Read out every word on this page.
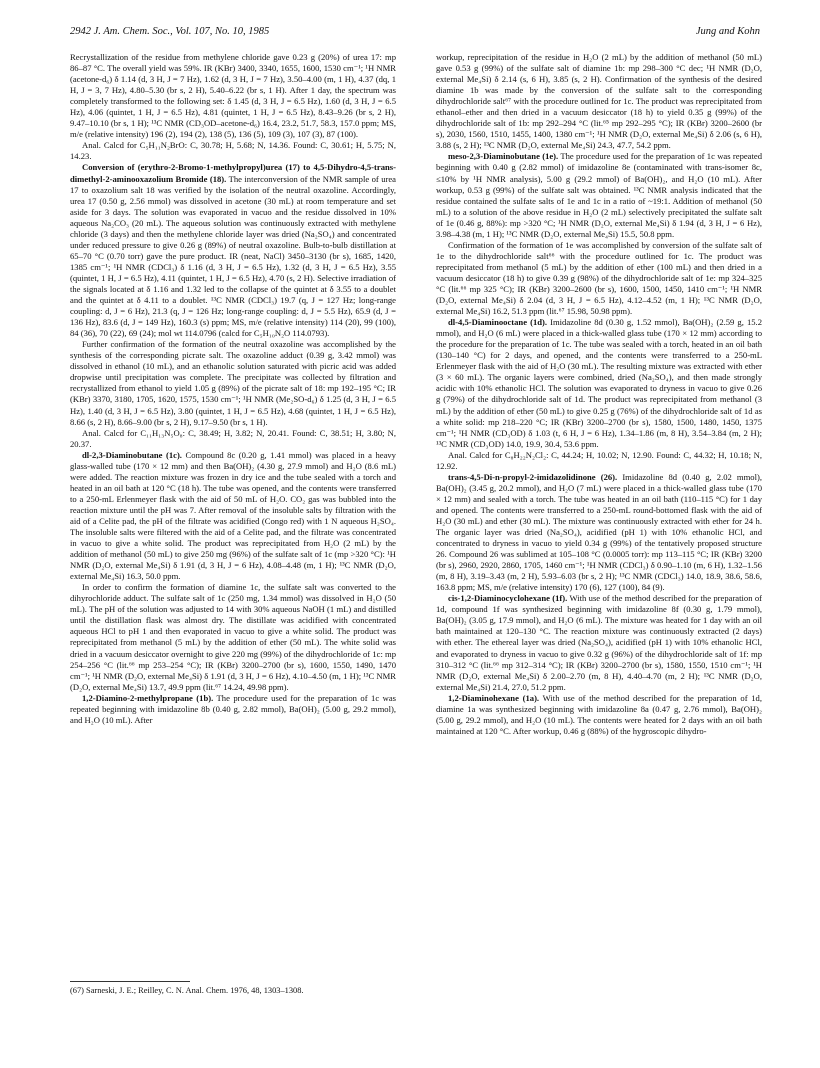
2942 J. Am. Chem. Soc., Vol. 107, No. 10, 1985	Jung and Kohn

Recrystallization of the residue from methylene chloride gave 0.23 g (20%) of urea 17: mp 86–87 °C. The overall yield was 59%. IR (KBr) 3400, 3340, 1655, 1600, 1530 cm⁻¹; ¹H NMR (acetone-d₆) δ 1.14 (d, 3 H, J = 7 Hz), 1.62 (d, 3 H, J = 7 Hz), 3.50–4.00 (m, 1 H), 4.37 (dq, 1 H, J = 3, 7 Hz), 4.80–5.30 (br s, 2 H), 5.40–6.22 (br s, 1 H). After 1 day, the spectrum was completely transformed to the following set: δ 1.45 (d, 3 H, J = 6.5 Hz), 1.60 (d, 3 H, J = 6.5 Hz), 4.06 (quintet, 1 H, J = 6.5 Hz), 4.81 (quintet, 1 H, J = 6.5 Hz), 8.43–9.26 (br s, 2 H), 9.47–10.10 (br s, 1 H); ¹³C NMR (CD₃OD–acetone-d₆) 16.4, 23.2, 51.7, 58.3, 157.0 ppm; MS, m/e (relative intensity) 196 (2), 194 (2), 138 (5), 136 (5), 109 (3), 107 (3), 87 (100).

Anal. Calcd for C₅H₁₁N₂BrO: C, 30.78; H, 5.68; N, 14.36. Found: C, 30.61; H, 5.75; N, 14.23.

Conversion of (erythro-2-Bromo-1-methylpropyl)urea (17) to 4,5-Dihydro-4,5-trans-dimethyl-2-aminooxazolium Bromide (18). The interconversion of the NMR sample of urea 17 to oxazolium salt 18 was verified by the isolation of the neutral oxazoline. Accordingly, urea 17 (0.50 g, 2.56 mmol) was dissolved in acetone (30 mL) at room temperature and set aside for 3 days. The solution was evaporated in vacuo and the residue dissolved in 10% aqueous Na₂CO₃ (20 mL). The aqueous solution was continuously extracted with methylene chloride (3 days) and then the methylene chloride layer was dried (Na₂SO₄) and concentrated under reduced pressure to give 0.26 g (89%) of neutral oxazoline. Bulb-to-bulb distillation at 65–70 °C (0.70 torr) gave the pure product. IR (neat, NaCl) 3450–3130 (br s), 1685, 1420, 1385 cm⁻¹; ¹H NMR (CDCl₃) δ 1.16 (d, 3 H, J = 6.5 Hz), 1.32 (d, 3 H, J = 6.5 Hz), 3.55 (quintet, 1 H, J = 6.5 Hz), 4.11 (quintet, 1 H, J = 6.5 Hz), 4.70 (s, 2 H). Selective irradiation of the signals located at δ 1.16 and 1.32 led to the collapse of the quintet at δ 3.55 to a doublet and the quintet at δ 4.11 to a doublet. ¹³C NMR (CDCl₃) 19.7 (q, J = 127 Hz; long-range coupling: d, J = 6 Hz), 21.3 (q, J = 126 Hz; long-range coupling: d, J = 5.5 Hz), 65.9 (d, J = 136 Hz), 83.6 (d, J = 149 Hz), 160.3 (s) ppm; MS, m/e (relative intensity) 114 (20), 99 (100), 84 (36), 70 (22), 69 (24); mol wt 114.0796 (calcd for C₅H₁₀N₂O 114.0793).

Further confirmation of the formation of the neutral oxazoline was accomplished by the synthesis of the corresponding picrate salt. The oxazoline adduct (0.39 g, 3.42 mmol) was dissolved in ethanol (10 mL), and an ethanolic solution saturated with picric acid was added dropwise until precipitation was complete. The precipitate was collected by filtration and recrystallized from ethanol to yield 1.05 g (89%) of the picrate salt of 18: mp 192–195 °C; IR (KBr) 3370, 3180, 1705, 1620, 1575, 1530 cm⁻¹; ¹H NMR (Me₂SO-d₆) δ 1.25 (d, 3 H, J = 6.5 Hz), 1.40 (d, 3 H, J = 6.5 Hz), 3.80 (quintet, 1 H, J = 6.5 Hz), 4.68 (quintet, 1 H, J = 6.5 Hz), 8.66 (s, 2 H), 8.66–9.00 (br s, 2 H), 9.17–9.50 (br s, 1 H).

Anal. Calcd for C₁₁H₁₃N₅O₈: C, 38.49; H, 3.82; N, 20.41. Found: C, 38.51; H, 3.80; N, 20.37.

dl-2,3-Diaminobutane (1c). Compound 8c (0.20 g, 1.41 mmol) was placed in a heavy glass-walled tube (170 × 12 mm) and then Ba(OH)₂ (4.30 g, 27.9 mmol) and H₂O (8.6 mL) were added. The reaction mixture was frozen in dry ice and the tube sealed with a torch and heated in an oil bath at 120 °C (18 h). The tube was opened, and the contents were transferred to a 250-mL Erlenmeyer flask with the aid of 50 mL of H₂O. CO₂ gas was bubbled into the reaction mixture until the pH was 7. After removal of the insoluble salts by filtration with the aid of a Celite pad, the pH of the filtrate was acidified (Congo red) with 1 N aqueous H₂SO₄. The insoluble salts were filtered with the aid of a Celite pad, and the filtrate was concentrated in vacuo to give a white solid. The product was reprecipitated from H₂O (2 mL) by the addition of methanol (50 mL) to give 250 mg (96%) of the sulfate salt of 1c (mp >320 °C): ¹H NMR (D₂O, external Me₄Si) δ 1.91 (d, 3 H, J = 6 Hz), 4.08–4.48 (m, 1 H); ¹³C NMR (D₂O, external Me₄Si) 16.3, 50.0 ppm.

In order to confirm the formation of diamine 1c, the sulfate salt was converted to the dihyrochloride adduct. The sulfate salt of 1c (250 mg, 1.34 mmol) was dissolved in H₂O (50 mL). The pH of the solution was adjusted to 14 with 30% aqueous NaOH (1 mL) and distilled until the distillation flask was almost dry. The distillate was acidified with concentrated aqueous HCl to pH 1 and then evaporated in vacuo to give a white solid. The product was reprecipitated from methanol (5 mL) by the addition of ether (50 mL). The white solid was dried in a vacuum desiccator overnight to give 220 mg (99%) of the dihydrochloride of 1c: mp 254–256 °C (lit.⁶⁶ mp 253–254 °C); IR (KBr) 3200–2700 (br s), 1600, 1550, 1490, 1470 cm⁻¹; ¹H NMR (D₂O, external Me₄Si) δ 1.91 (d, 3 H, J = 6 Hz), 4.10–4.50 (m, 1 H); ¹³C NMR (D₂O, external Me₄Si) 13.7, 49.9 ppm (lit.⁶⁷ 14.24, 49.98 ppm).

1,2-Diamino-2-methylpropane (1b). The procedure used for the preparation of 1c was repeated beginning with imidazoline 8b (0.40 g, 2.82 mmol), Ba(OH)₂ (5.00 g, 29.2 mmol), and H₂O (10 mL). After

workup, reprecipitation of the residue in H₂O (2 mL) by the addition of methanol (50 mL) gave 0.53 g (99%) of the sulfate salt of diamine 1b: mp 298–300 °C dec; ¹H NMR (D₂O, external Me₄Si) δ 2.14 (s, 6 H), 3.85 (s, 2 H). Confirmation of the synthesis of the desired diamine 1b was made by the conversion of the sulfate salt to the corresponding dihydrochloride salt⁶⁷ with the procedure outlined for 1c. The product was reprecipitated from ethanol–ether and then dried in a vacuum desiccator (18 h) to yield 0.35 g (99%) of the dihydrochloride salt of 1b: mp 292–294 °C (lit.⁶⁵ mp 292–295 °C); IR (KBr) 3200–2600 (br s), 2030, 1560, 1510, 1455, 1400, 1380 cm⁻¹; ¹H NMR (D₂O, external Me₄Si) δ 2.06 (s, 6 H), 3.88 (s, 2 H); ¹³C NMR (D₂O, external Me₄Si) 24.3, 47.7, 54.2 ppm.

meso-2,3-Diaminobutane (1e). The procedure used for the preparation of 1c was repeated beginning with 0.40 g (2.82 mmol) of imidazoline 8e (contaminated with trans-isomer 8c, ≤10% by ¹H NMR analysis), 5.00 g (29.2 mmol) of Ba(OH)₂, and H₂O (10 mL). After workup, 0.53 g (99%) of the sulfate salt was obtained. ¹³C NMR analysis indicated that the residue contained the sulfate salts of 1e and 1c in a ratio of ~19:1. Addition of methanol (50 mL) to a solution of the above residue in H₂O (2 mL) selectively precipitated the sulfate salt of 1e (0.46 g, 88%): mp >320 °C; ¹H NMR (D₂O, external Me₄Si) δ 1.94 (d, 3 H, J = 6 Hz), 3.98–4.38 (m, 1 H); ¹³C NMR (D₂O, external Me₄Si) 15.5, 50.8 ppm.

Confirmation of the formation of 1e was accomplished by conversion of the sulfate salt of 1e to the dihydrochloride salt⁶⁶ with the procedure outlined for 1c. The product was reprecipitated from methanol (5 mL) by the addition of ether (100 mL) and then dried in a vacuum desiccator (18 h) to give 0.39 g (98%) of the dihydrochloride salt of 1e: mp 324–325 °C (lit.⁶⁶ mp 325 °C); IR (KBr) 3200–2600 (br s), 1600, 1500, 1450, 1410 cm⁻¹; ¹H NMR (D₂O, external Me₄Si) δ 2.04 (d, 3 H, J = 6.5 Hz), 4.12–4.52 (m, 1 H); ¹³C NMR (D₂O, external Me₄Si) 16.2, 51.3 ppm (lit.⁶⁷ 15.98, 50.98 ppm).

dl-4,5-Diaminooctane (1d). Imidazoline 8d (0.30 g, 1.52 mmol), Ba(OH)₂ (2.59 g, 15.2 mmol), and H₂O (6 mL) were placed in a thick-walled glass tube (170 × 12 mm) according to the procedure for the preparation of 1c. The tube was sealed with a torch, heated in an oil bath (130–140 °C) for 2 days, and opened, and the contents were transferred to a 250-mL Erlenmeyer flask with the aid of H₂O (30 mL). The resulting mixture was extracted with ether (3 × 60 mL). The organic layers were combined, dried (Na₂SO₄), and then made strongly acidic with 10% ethanolic HCl. The solution was evaporated to dryness in vacuo to give 0.26 g (79%) of the dihydrochloride salt of 1d. The product was reprecipitated from methanol (3 mL) by the addition of ether (50 mL) to give 0.25 g (76%) of the dihydrochloride salt of 1d as a white solid: mp 218–220 °C; IR (KBr) 3200–2700 (br s), 1580, 1500, 1480, 1450, 1375 cm⁻¹; ¹H NMR (CD₃OD) δ 1.03 (t, 6 H, J = 6 Hz), 1.34–1.86 (m, 8 H), 3.54–3.84 (m, 2 H); ¹³C NMR (CD₃OD) 14.0, 19.9, 30.4, 53.6 ppm.

Anal. Calcd for C₈H₂₂N₂Cl₂: C, 44.24; H, 10.02; N, 12.90. Found: C, 44.32; H, 10.18; N, 12.92.

trans-4,5-Di-n-propyl-2-imidazolidinone (26). Imidazoline 8d (0.40 g, 2.02 mmol), Ba(OH)₂ (3.45 g, 20.2 mmol), and H₂O (7 mL) were placed in a thick-walled glass tube (170 × 12 mm) and sealed with a torch. The tube was heated in an oil bath (110–115 °C) for 1 day and opened. The contents were transferred to a 250-mL round-bottomed flask with the aid of H₂O (30 mL) and ether (30 mL). The mixture was continuously extracted with ether for 24 h. The organic layer was dried (Na₂SO₄), acidified (pH 1) with 10% ethanolic HCl, and concentrated to dryness in vacuo to yield 0.34 g (99%) of the tentatively proposed structure 26. Compound 26 was sublimed at 105–108 °C (0.0005 torr): mp 113–115 °C; IR (KBr) 3200 (br s), 2960, 2920, 2860, 1705, 1460 cm⁻¹; ¹H NMR (CDCl₃) δ 0.90–1.10 (m, 6 H), 1.32–1.56 (m, 8 H), 3.19–3.43 (m, 2 H), 5.93–6.03 (br s, 2 H); ¹³C NMR (CDCl₃) 14.0, 18.9, 38.6, 58.6, 163.8 ppm; MS, m/e (relative intensity) 170 (6), 127 (100), 84 (9).

cis-1,2-Diaminocyclohexane (1f). With use of the method described for the preparation of 1d, compound 1f was synthesized beginning with imidazoline 8f (0.30 g, 1.79 mmol), Ba(OH)₂ (3.05 g, 17.9 mmol), and H₂O (6 mL). The mixture was heated for 1 day with an oil bath maintained at 120–130 °C. The reaction mixture was continuously extracted (2 days) with ether. The ethereal layer was dried (Na₂SO₄), acidified (pH 1) with 10% ethanolic HCl, and evaporated to dryness in vacuo to give 0.32 g (96%) of the dihydrochloride salt of 1f: mp 310–312 °C (lit.⁶⁶ mp 312–314 °C); IR (KBr) 3200–2700 (br s), 1580, 1550, 1510 cm⁻¹; ¹H NMR (D₂O, external Me₄Si) δ 2.00–2.70 (m, 8 H), 4.40–4.70 (m, 2 H); ¹³C NMR (D₂O, external Me₄Si) 21.4, 27.0, 51.2 ppm.

1,2-Diaminohexane (1a). With use of the method described for the preparation of 1d, diamine 1a was synthesized beginning with imidazoline 8a (0.47 g, 2.76 mmol), Ba(OH)₂ (5.00 g, 29.2 mmol), and H₂O (10 mL). The contents were heated for 2 days with an oil bath maintained at 120 °C. After workup, 0.46 g (88%) of the hygroscopic dihydro-

(67) Sarneski, J. E.; Reilley, C. N. Anal. Chem. 1976, 48, 1303–1308.
